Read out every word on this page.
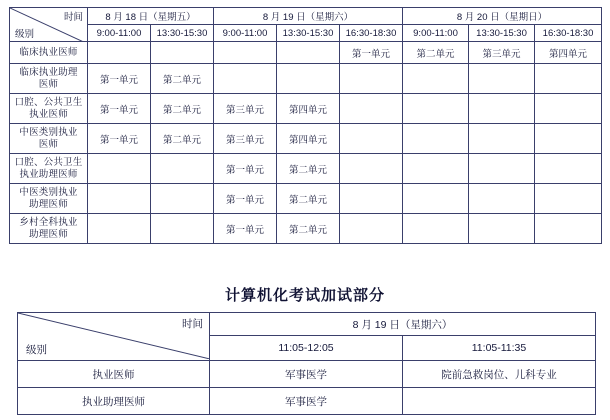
时间
级别	8 月 18 日（星期五）		8 月 19 日（星期六）			8 月 20 日（星期日）		
	9:00-11:00	13:30-15:30	9:00-11:00	13:30-15:30	16:30-18:30	9:00-11:00	13:30-15:30	16:30-18:30
临床执业医师					第一单元	第二单元	第三单元	第四单元
临床执业助理
医师	第一单元	第二单元						
口腔、公共卫生
执业医师	第一单元	第二单元	第三单元	第四单元				
中医类别执业
医师	第一单元	第二单元	第三单元	第四单元				
口腔、公共卫生
执业助理医师			第一单元	第二单元				
中医类别执业
助理医师			第一单元	第二单元				
乡村全科执业
助理医师			第一单元	第二单元				
计算机化考试加试部分
时间
级别	8 月 19 日（星期六）	
	11:05-12:05	11:05-11:35
执业医师	军事医学	院前急救岗位、儿科专业
执业助理医师	军事医学	
